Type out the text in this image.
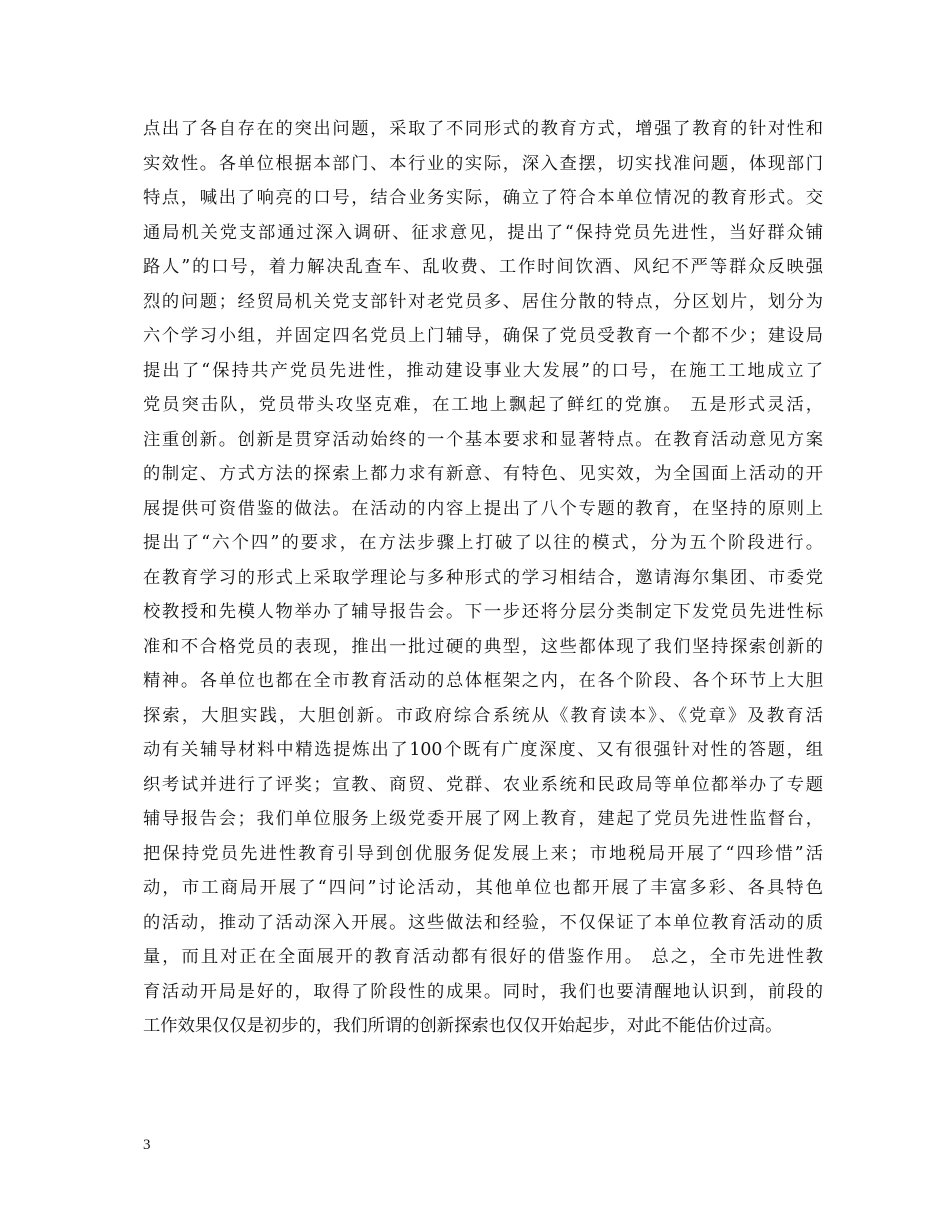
点出了各自存在的突出问题，采取了不同形式的教育方式，增强了教育的针对性和
实效性。各单位根据本部门、本行业的实际，深入查摆，切实找准问题，体现部门
特点，喊出了响亮的口号，结合业务实际，确立了符合本单位情况的教育形式。交
通局机关党支部通过深入调研、征求意见，提出了“保持党员先进性，当好群众铺
路人”的口号，着力解决乱查车、乱收费、工作时间饮酒、风纪不严等群众反映强
烈的问题；经贸局机关党支部针对老党员多、居住分散的特点，分区划片，划分为
六个学习小组，并固定四名党员上门辅导，确保了党员受教育一个都不少；建设局
提出了“保持共产党员先进性，推动建设事业大发展”的口号，在施工工地成立了
党员突击队，党员带头攻坚克难，在工地上飘起了鲜红的党旗。 五是形式灵活，
注重创新。创新是贯穿活动始终的一个基本要求和显著特点。在教育活动意见方案
的制定、方式方法的探索上都力求有新意、有特色、见实效，为全国面上活动的开
展提供可资借鉴的做法。在活动的内容上提出了八个专题的教育，在坚持的原则上
提出了“六个四”的要求，在方法步骤上打破了以往的模式，分为五个阶段进行。
在教育学习的形式上采取学理论与多种形式的学习相结合，邀请海尔集团、市委党
校教授和先模人物举办了辅导报告会。下一步还将分层分类制定下发党员先进性标
准和不合格党员的表现，推出一批过硬的典型，这些都体现了我们坚持探索创新的
精神。各单位也都在全市教育活动的总体框架之内，在各个阶段、各个环节上大胆
探索，大胆实践，大胆创新。市政府综合系统从《教育读本》、《党章》及教育活
动有关辅导材料中精选提炼出了100个既有广度深度、又有很强针对性的答题，组
织考试并进行了评奖；宣教、商贸、党群、农业系统和民政局等单位都举办了专题
辅导报告会；我们单位服务上级党委开展了网上教育，建起了党员先进性监督台，
把保持党员先进性教育引导到创优服务促发展上来；市地税局开展了“四珍惜”活
动，市工商局开展了“四问”讨论活动，其他单位也都开展了丰富多彩、各具特色
的活动，推动了活动深入开展。这些做法和经验，不仅保证了本单位教育活动的质
量，而且对正在全面展开的教育活动都有很好的借鉴作用。 总之，全市先进性教
育活动开局是好的，取得了阶段性的成果。同时，我们也要清醒地认识到，前段的
工作效果仅仅是初步的，我们所谓的创新探索也仅仅开始起步，对此不能估价过高。
3
